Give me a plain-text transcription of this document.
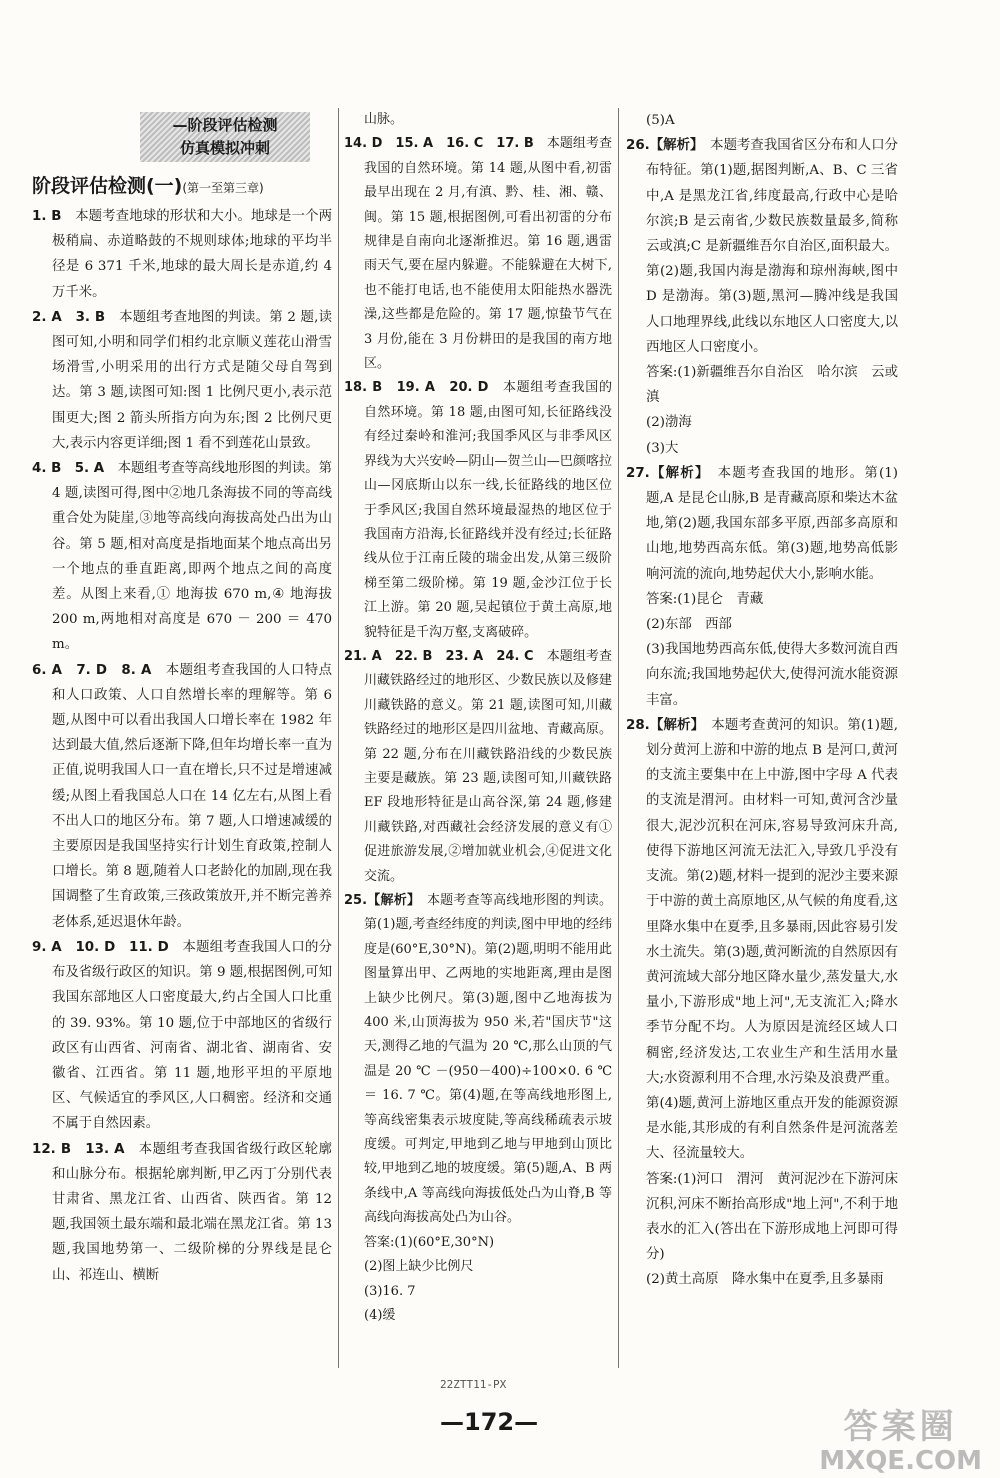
— 阶段评估检测
仿真模拟冲刺
阶段评估检测(一)(第一至第三章)

1. B　 本题考查地球的形状和大小。地球是一个两极稍扁、赤道略鼓的不规则球体;地球的平均半径是 6 371 千米,地球的最大周长是赤道,约 4 万千米。

2. A　3. B　 本题组考查地图的判读。第 2 题,读图可知,小明和同学们相约北京顺义莲花山滑雪场滑雪,小明采用的出行方式是随父母自驾到达。第 3 题,读图可知:图 1 比例尺更小,表示范围更大;图 2 箭头所指方向为东;图 2 比例尺更大,表示内容更详细;图 1 看不到莲花山景致。

4. B　5. A　 本题组考查等高线地形图的判读。第 4 题,读图可得,图中②地几条海拔不同的等高线重合处为陡崖,③地等高线向海拔高处凸出为山谷。第 5 题,相对高度是指地面某个地点高出另一个地点的垂直距离,即两个地点之间的高度差。从图上来看,① 地海拔 670 m,④ 地海拔 200 m,两地相对高度是 670 － 200 ＝ 470 m。

6. A　7. D　8. A　 本题组考查我国的人口特点和人口政策、人口自然增长率的理解等。第 6 题,从图中可以看出我国人口增长率在 1982 年达到最大值,然后逐渐下降,但年均增长率一直为正值,说明我国人口一直在增长,只不过是增速减缓;从图上看我国总人口在 14 亿左右,从图上看不出人口的地区分布。第 7 题,人口增速减缓的主要原因是我国坚持实行计划生育政策,控制人口增长。第 8 题,随着人口老龄化的加剧,现在我国调整了生育政策,三孩政策放开,并不断完善养老体系,延迟退休年龄。

9. A　10. D　11. D　 本题组考查我国人口的分布及省级行政区的知识。第 9 题,根据图例,可知我国东部地区人口密度最大,约占全国人口比重的 39. 93%。第 10 题,位于中部地区的省级行政区有山西省、河南省、湖北省、湖南省、安徽省、江西省。第 11 题,地形平坦的平原地区、气候适宜的季风区,人口稠密。经济和交通不属于自然因素。

12. B　13. A　 本题组考查我国省级行政区轮廓和山脉分布。根据轮廓判断,甲乙丙丁分别代表甘肃省、黑龙江省、山西省、陕西省。第 12 题,我国领土最东端和最北端在黑龙江省。第 13 题,我国地势第一、二级阶梯的分界线是昆仑山、祁连山、横断

山脉。

14. D　15. A　16. C　17. B　 本题组考查我国的自然环境。第 14 题,从图中看,初雷最早出现在 2 月,有滇、黔、桂、湘、赣、闽。第 15 题,根据图例,可看出初雷的分布规律是自南向北逐渐推迟。第 16 题,遇雷雨天气,要在屋内躲避。不能躲避在大树下,也不能打电话,也不能使用太阳能热水器洗澡,这些都是危险的。第 17 题,惊蛰节气在 3 月份,能在 3 月份耕田的是我国的南方地区。

18. B　19. A　20. D　 本题组考查我国的自然环境。第 18 题,由图可知,长征路线没有经过秦岭和淮河;我国季风区与非季风区界线为大兴安岭—阴山—贺兰山—巴颜喀拉山—冈底斯山以东一线,长征路线的地区位于季风区;我国自然环境最湿热的地区位于我国南方沿海,长征路线并没有经过;长征路线从位于江南丘陵的瑞金出发,从第三级阶梯至第二级阶梯。第 19 题,金沙江位于长江上游。第 20 题,吴起镇位于黄土高原,地貌特征是千沟万壑,支离破碎。

21. A　22. B　23. A　24. C　 本题组考查川藏铁路经过的地形区、少数民族以及修建川藏铁路的意义。第 21 题,读图可知,川藏铁路经过的地形区是四川盆地、青藏高原。第 22 题,分布在川藏铁路沿线的少数民族主要是藏族。第 23 题,读图可知,川藏铁路 EF 段地形特征是山高谷深,第 24 题,修建川藏铁路,对西藏社会经济发展的意义有①促进旅游发展,②增加就业机会,④促进文化交流。

25.【解析】　 本题考查等高线地形图的判读。第(1)题,考查经纬度的判读,图中甲地的经纬度是(60°E,30°N)。第(2)题,明明不能用此图量算出甲、乙两地的实地距离,理由是图上缺少比例尺。第(3)题,图中乙地海拔为 400 米,山顶海拔为 950 米,若"国庆节"这天,测得乙地的气温为 20 ℃,那么山顶的气温是 20 ℃ －(950－400)÷100×0. 6 ℃ ＝ 16. 7 ℃。第(4)题,在等高线地形图上,等高线密集表示坡度陡,等高线稀疏表示坡度缓。可判定,甲地到乙地与甲地到山顶比较,甲地到乙地的坡度缓。第(5)题,A、B 两条线中,A 等高线向海拔低处凸为山脊,B 等高线向海拔高处凸为山谷。

答案:(1)(60°E,30°N)

(2)图上缺少比例尺

(3)16. 7

(4)缓

(5)A

26.【解析】　 本题考查我国省区分布和人口分布特征。第(1)题,据图判断,A、B、C 三省中,A 是黑龙江省,纬度最高,行政中心是哈尔滨;B 是云南省,少数民族数量最多,简称云或滇;C 是新疆维吾尔自治区,面积最大。第(2)题,我国内海是渤海和琼州海峡,图中 D 是渤海。第(3)题,黑河—腾冲线是我国人口地理界线,此线以东地区人口密度大,以西地区人口密度小。

答案:(1)新疆维吾尔自治区　哈尔滨　云或滇

(2)渤海

(3)大

27.【解析】　 本题考查我国的地形。第(1)题,A 是昆仑山脉,B 是青藏高原和柴达木盆地,第(2)题,我国东部多平原,西部多高原和山地,地势西高东低。第(3)题,地势高低影响河流的流向,地势起伏大小,影响水能。

答案:(1)昆仑　青藏

(2)东部　西部

(3)我国地势西高东低,使得大多数河流自西向东流;我国地势起伏大,使得河流水能资源丰富。

28.【解析】　 本题考查黄河的知识。第(1)题,划分黄河上游和中游的地点 B 是河口,黄河的支流主要集中在上中游,图中字母 A 代表的支流是渭河。由材料一可知,黄河含沙量很大,泥沙沉积在河床,容易导致河床升高,使得下游地区河流无法汇入,导致几乎没有支流。第(2)题,材料一提到的泥沙主要来源于中游的黄土高原地区,从气候的角度看,这里降水集中在夏季,且多暴雨,因此容易引发水土流失。第(3)题,黄河断流的自然原因有黄河流域大部分地区降水量少,蒸发量大,水量小,下游形成"地上河",无支流汇入;降水季节分配不均。人为原因是流经区域人口稠密,经济发达,工农业生产和生活用水量大;水资源利用不合理,水污染及浪费严重。第(4)题,黄河上游地区重点开发的能源资源是水能,其形成的有利自然条件是河流落差大、径流量较大。

答案:(1)河口　渭河　黄河泥沙在下游河床沉积,河床不断抬高形成"地上河",不利于地表水的汇入(答出在下游形成地上河即可得分)

(2)黄土高原　降水集中在夏季,且多暴雨

22ZTT11-PX
—172—	答案圈
MXQE.COM
